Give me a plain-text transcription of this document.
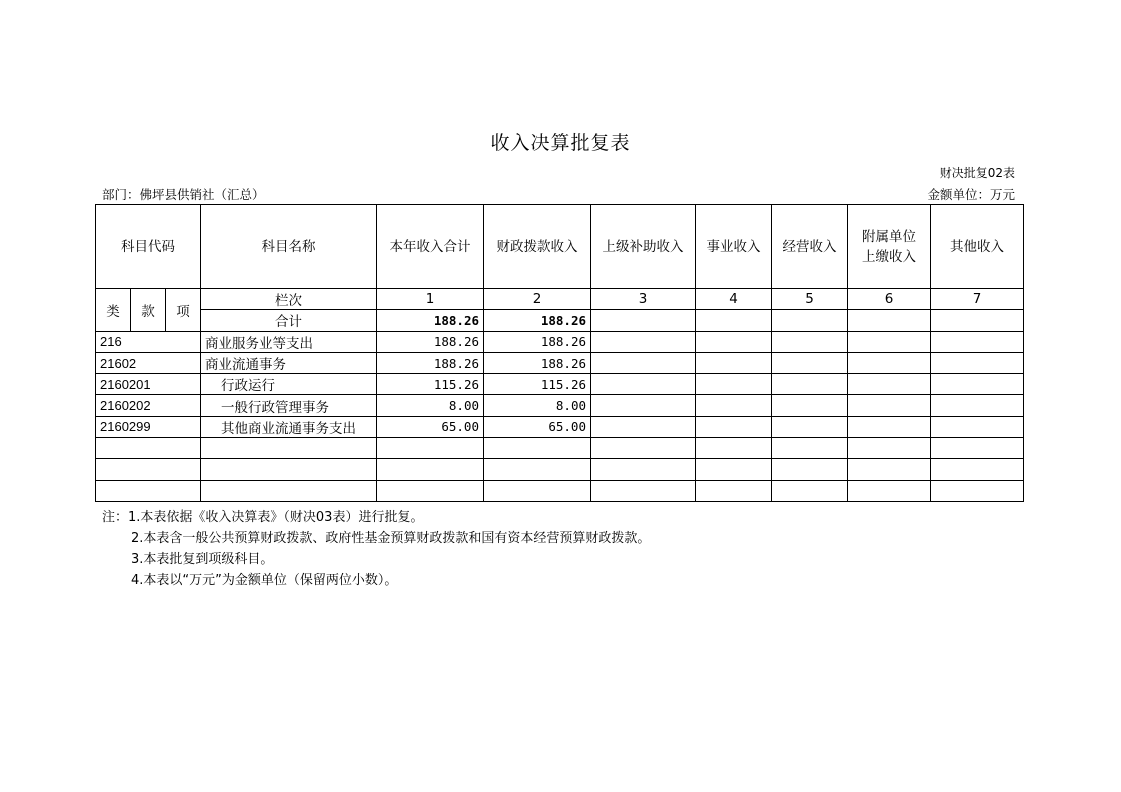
收入决算批复表
财决批复02表
部门：佛坪县供销社（汇总）	金额单位：万元
科目代码			科目名称	本年收入合计	财政拨款收入	上级补助收入	事业收入	经营收入	附属单位上缴收入	其他收入
类	款	项	栏次	1	2	3	4	5	6	7
			合计	188.26	188.26					
216			商业服务业等支出	188.26	188.26					
21602			商业流通事务	188.26	188.26					
2160201			行政运行	115.26	115.26					
2160202			一般行政管理事务	8.00	8.00					
2160299			其他商业流通事务支出	65.00	65.00					

注：1.本表依据《收入决算表》（财决03表）进行批复。
2.本表含一般公共预算财政拨款、政府性基金预算财政拨款和国有资本经营预算财政拨款。
3.本表批复到项级科目。
4.本表以“万元”为金额单位（保留两位小数）。
